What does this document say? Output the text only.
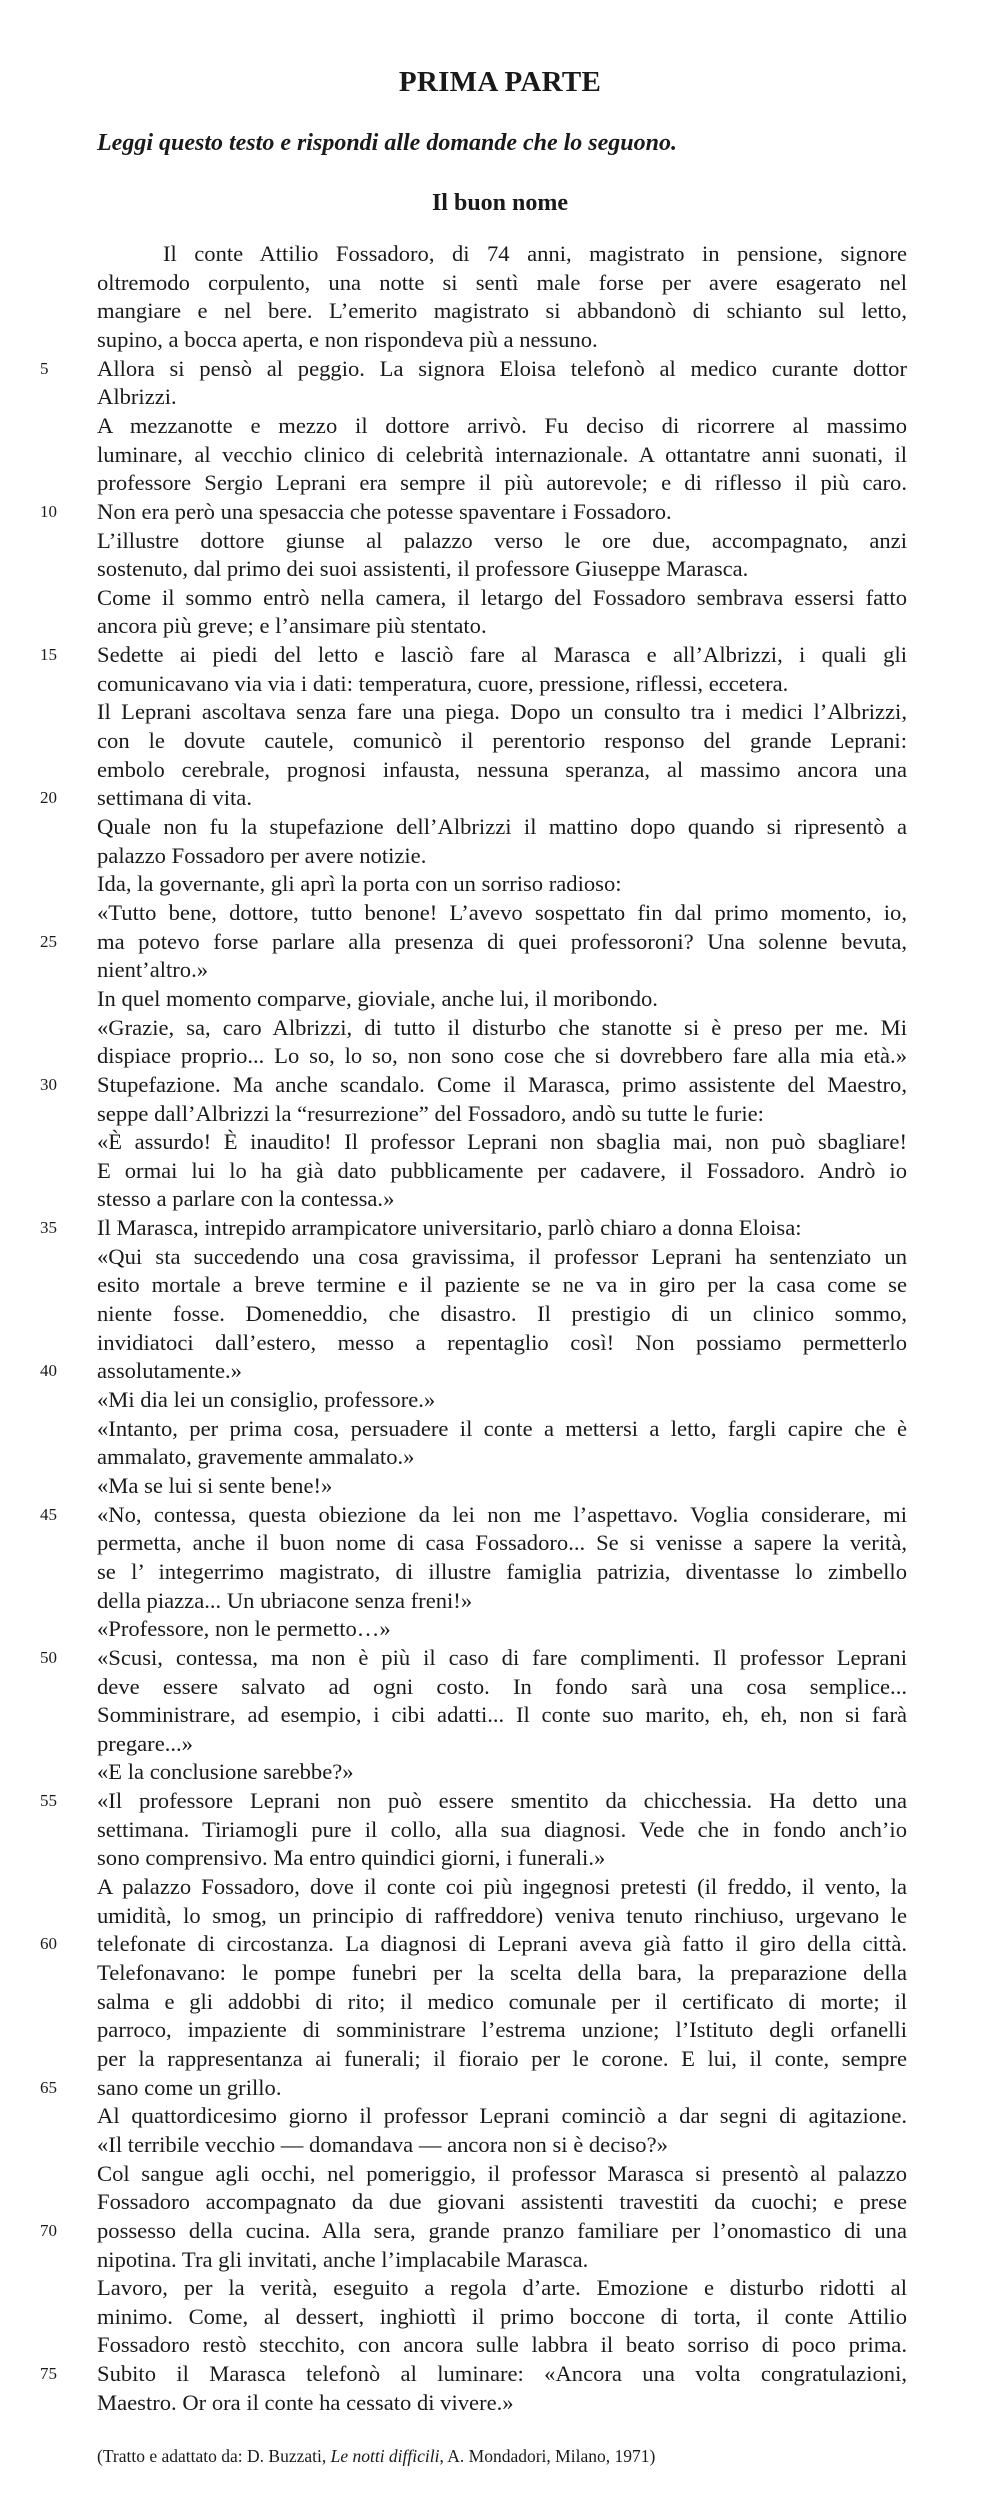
PRIMA PARTE
Leggi questo testo e rispondi alle domande che lo seguono.
Il buon nome
Il conte Attilio Fossadoro, di 74 anni, magistrato in pensione, signore
oltremodo corpulento, una notte si sentì male forse per avere esagerato nel
mangiare e nel bere. L’emerito magistrato si abbandonò di schianto sul letto,
supino, a bocca aperta, e non rispondeva più a nessuno.
Allora si pensò al peggio. La signora Eloisa telefonò al medico curante dottor
Albrizzi.
A mezzanotte e mezzo il dottore arrivò. Fu deciso di ricorrere al massimo
luminare, al vecchio clinico di celebrità internazionale. A ottantatre anni suonati, il
professore Sergio Leprani era sempre il più autorevole; e di riflesso il più caro.
Non era però una spesaccia che potesse spaventare i Fossadoro.
L’illustre dottore giunse al palazzo verso le ore due, accompagnato, anzi
sostenuto, dal primo dei suoi assistenti, il professore Giuseppe Marasca.
Come il sommo entrò nella camera, il letargo del Fossadoro sembrava essersi fatto
ancora più greve; e l’ansimare più stentato.
Sedette ai piedi del letto e lasciò fare al Marasca e all’Albrizzi, i quali gli
comunicavano via via i dati: temperatura, cuore, pressione, riflessi, eccetera.
Il Leprani ascoltava senza fare una piega. Dopo un consulto tra i medici l’Albrizzi,
con le dovute cautele, comunicò il perentorio responso del grande Leprani:
embolo cerebrale, prognosi infausta, nessuna speranza, al massimo ancora una
settimana di vita.
Quale non fu la stupefazione dell’Albrizzi il mattino dopo quando si ripresentò a
palazzo Fossadoro per avere notizie.
Ida, la governante, gli aprì la porta con un sorriso radioso:
«Tutto bene, dottore, tutto benone! L’avevo sospettato fin dal primo momento, io,
ma potevo forse parlare alla presenza di quei professoroni? Una solenne bevuta,
nient’altro.»
In quel momento comparve, gioviale, anche lui, il moribondo.
«Grazie, sa, caro Albrizzi, di tutto il disturbo che stanotte si è preso per me. Mi
dispiace proprio... Lo so, lo so, non sono cose che si dovrebbero fare alla mia età.»
Stupefazione. Ma anche scandalo. Come il Marasca, primo assistente del Maestro,
seppe dall’Albrizzi la “resurrezione” del Fossadoro, andò su tutte le furie:
«È assurdo! È inaudito! Il professor Leprani non sbaglia mai, non può sbagliare!
E ormai lui lo ha già dato pubblicamente per cadavere, il Fossadoro. Andrò io
stesso a parlare con la contessa.»
Il Marasca, intrepido arrampicatore universitario, parlò chiaro a donna Eloisa:
«Qui sta succedendo una cosa gravissima, il professor Leprani ha sentenziato un
esito mortale a breve termine e il paziente se ne va in giro per la casa come se
niente fosse. Domeneddio, che disastro. Il prestigio di un clinico sommo,
invidiatoci dall’estero, messo a repentaglio così! Non possiamo permetterlo
assolutamente.»
«Mi dia lei un consiglio, professore.»
«Intanto, per prima cosa, persuadere il conte a mettersi a letto, fargli capire che è
ammalato, gravemente ammalato.»
«Ma se lui si sente bene!»
«No, contessa, questa obiezione da lei non me l’aspettavo. Voglia considerare, mi
permetta, anche il buon nome di casa Fossadoro... Se si venisse a sapere la verità,
se l’ integerrimo magistrato, di illustre famiglia patrizia, diventasse lo zimbello
della piazza... Un ubriacone senza freni!»
«Professore, non le permetto…»
«Scusi, contessa, ma non è più il caso di fare complimenti. Il professor Leprani
deve essere salvato ad ogni costo. In fondo sarà una cosa semplice...
Somministrare, ad esempio, i cibi adatti... Il conte suo marito, eh, eh, non si farà
pregare...»
«E la conclusione sarebbe?»
«Il professore Leprani non può essere smentito da chicchessia. Ha detto una
settimana. Tiriamogli pure il collo, alla sua diagnosi. Vede che in fondo anch’io
sono comprensivo. Ma entro quindici giorni, i funerali.»
A palazzo Fossadoro, dove il conte coi più ingegnosi pretesti (il freddo, il vento, la
umidità, lo smog, un principio di raffreddore) veniva tenuto rinchiuso, urgevano le
telefonate di circostanza. La diagnosi di Leprani aveva già fatto il giro della città.
Telefonavano: le pompe funebri per la scelta della bara, la preparazione della
salma e gli addobbi di rito; il medico comunale per il certificato di morte; il
parroco, impaziente di somministrare l’estrema unzione; l’Istituto degli orfanelli
per la rappresentanza ai funerali; il fioraio per le corone. E lui, il conte, sempre
sano come un grillo.
Al quattordicesimo giorno il professor Leprani cominciò a dar segni di agitazione.
«Il terribile vecchio — domandava — ancora non si è deciso?»
Col sangue agli occhi, nel pomeriggio, il professor Marasca si presentò al palazzo
Fossadoro accompagnato da due giovani assistenti travestiti da cuochi; e prese
possesso della cucina. Alla sera, grande pranzo familiare per l’onomastico di una
nipotina. Tra gli invitati, anche l’implacabile Marasca.
Lavoro, per la verità, eseguito a regola d’arte. Emozione e disturbo ridotti al
minimo. Come, al dessert, inghiottì il primo boccone di torta, il conte Attilio
Fossadoro restò stecchito, con ancora sulle labbra il beato sorriso di poco prima.
Subito il Marasca telefonò al luminare: «Ancora una volta congratulazioni,
Maestro. Or ora il conte ha cessato di vivere.»
5
10
15
20
25
30
35
40
45
50
55
60
65
70
75
(Tratto e adattato da: D. Buzzati, Le notti difficili, A. Mondadori, Milano, 1971)
